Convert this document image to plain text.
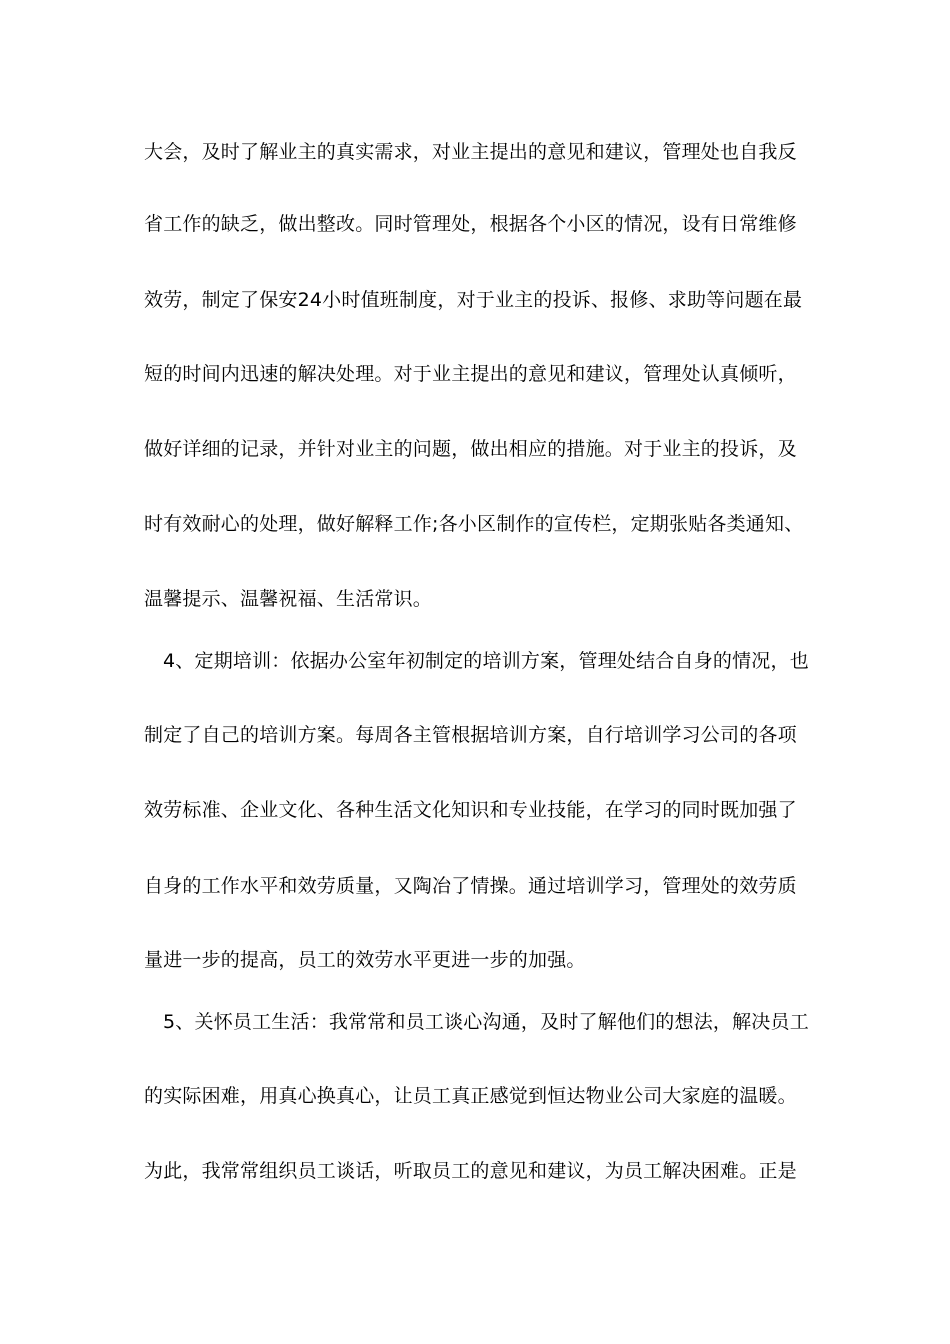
大会，及时了解业主的真实需求，对业主提出的意见和建议，管理处也自我反
省工作的缺乏，做出整改。同时管理处，根据各个小区的情况，设有日常维修
效劳，制定了保安24小时值班制度，对于业主的投诉、报修、求助等问题在最
短的时间内迅速的解决处理。对于业主提出的意见和建议，管理处认真倾听，
做好详细的记录，并针对业主的问题，做出相应的措施。对于业主的投诉，及
时有效耐心的处理，做好解释工作;各小区制作的宣传栏，定期张贴各类通知、
温馨提示、温馨祝福、生活常识。
4、定期培训：依据办公室年初制定的培训方案，管理处结合自身的情况，也
制定了自己的培训方案。每周各主管根据培训方案，自行培训学习公司的各项
效劳标准、企业文化、各种生活文化知识和专业技能，在学习的同时既加强了
自身的工作水平和效劳质量，又陶冶了情操。通过培训学习，管理处的效劳质
量进一步的提高，员工的效劳水平更进一步的加强。
5、关怀员工生活：我常常和员工谈心沟通，及时了解他们的想法，解决员工
的实际困难，用真心换真心，让员工真正感觉到恒达物业公司大家庭的温暖。
为此，我常常组织员工谈话，听取员工的意见和建议，为员工解决困难。正是
